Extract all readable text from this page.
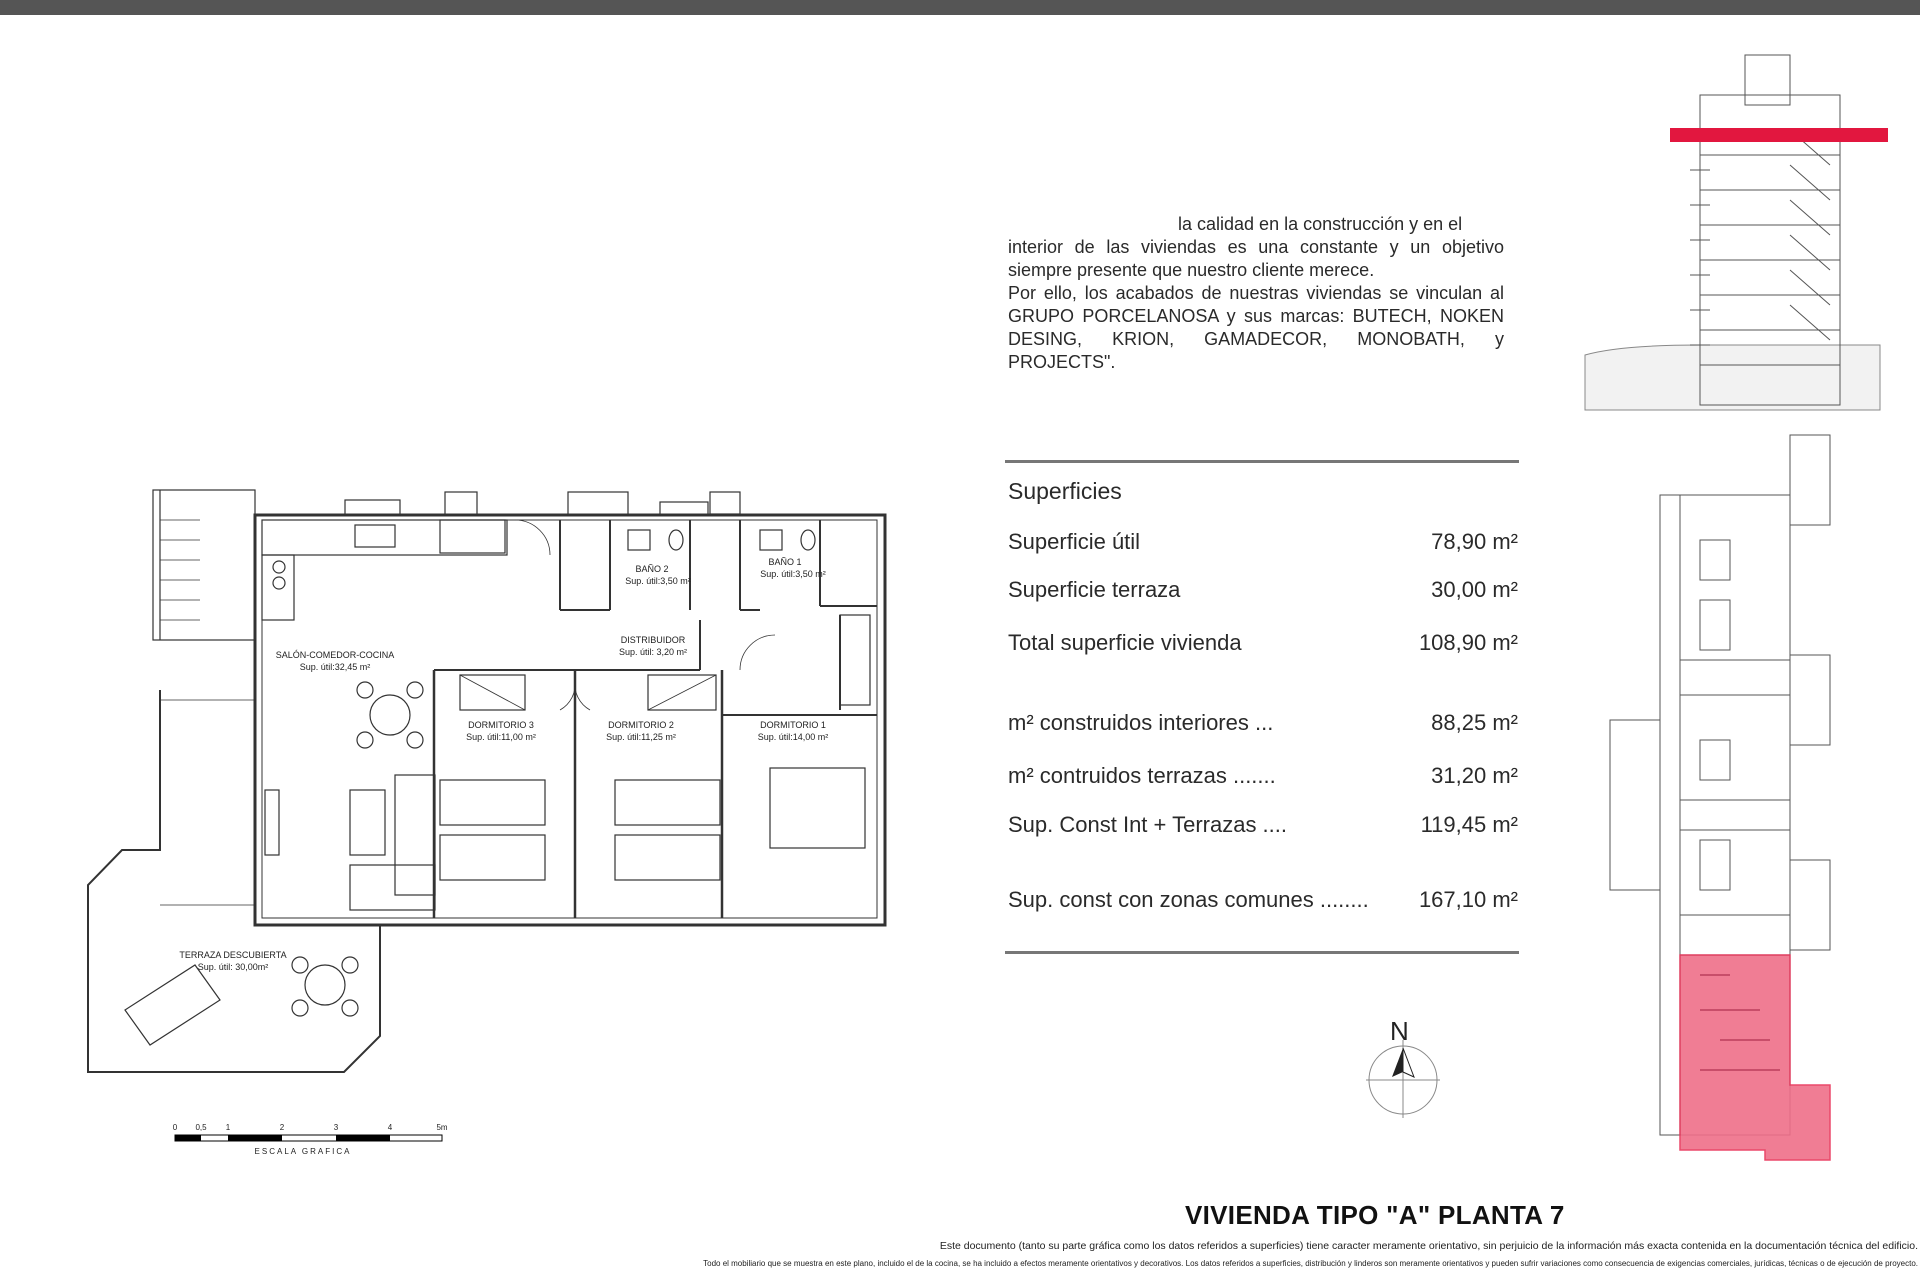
la calidad en la construcción y en el
interior de las viviendas es una constante y un objetivo siempre presente que nuestro cliente merece.
Por ello, los acabados de nuestras viviendas se vinculan al GRUPO PORCELANOSA y sus marcas: BUTECH, NOKEN DESING, KRION, GAMADECOR, MONOBATH, y PROJECTS".
Superficies
Superficie útil	78,90 m²
Superficie terraza	30,00 m²
Total superficie vivienda	108,90 m²
m² construidos interiores ...	88,25 m²
m² contruidos terrazas .......	31,20 m²
Sup. Const Int + Terrazas ....	119,45 m²
Sup. const con zonas comunes ........ 167,10 m²
SALÓN-COMEDOR-COCINA
Sup. útil:32,45 m²
DISTRIBUIDOR
Sup. útil: 3,20 m²
BAÑO 2
Sup. útil:3,50 m²
BAÑO 1
Sup. útil:3,50 m²
DORMITORIO 3
Sup. útil:11,00 m²
DORMITORIO 2
Sup. útil:11,25 m²
DORMITORIO 1
Sup. útil:14,00 m²
TERRAZA DESCUBIERTA
Sup. útil: 30,00m²
0 0,5 1	2	3	4	5m
ESCALA GRAFICA
N
VIVIENDA TIPO "A" PLANTA 7
Este documento (tanto su parte gráfica como los datos referidos a superficies) tiene caracter meramente orientativo, sin perjuicio de la información más exacta contenida en la documentación técnica del edificio.
Todo el mobiliario que se muestra en este plano, incluido el de la cocina, se ha incluido a efectos meramente orientativos y decorativos. Los datos referidos a superficies, distribución y linderos son meramente orientativos y pueden sufrir variaciones como consecuencia de exigencias comerciales, jurídicas, técnicas o de ejecución de proyecto.
